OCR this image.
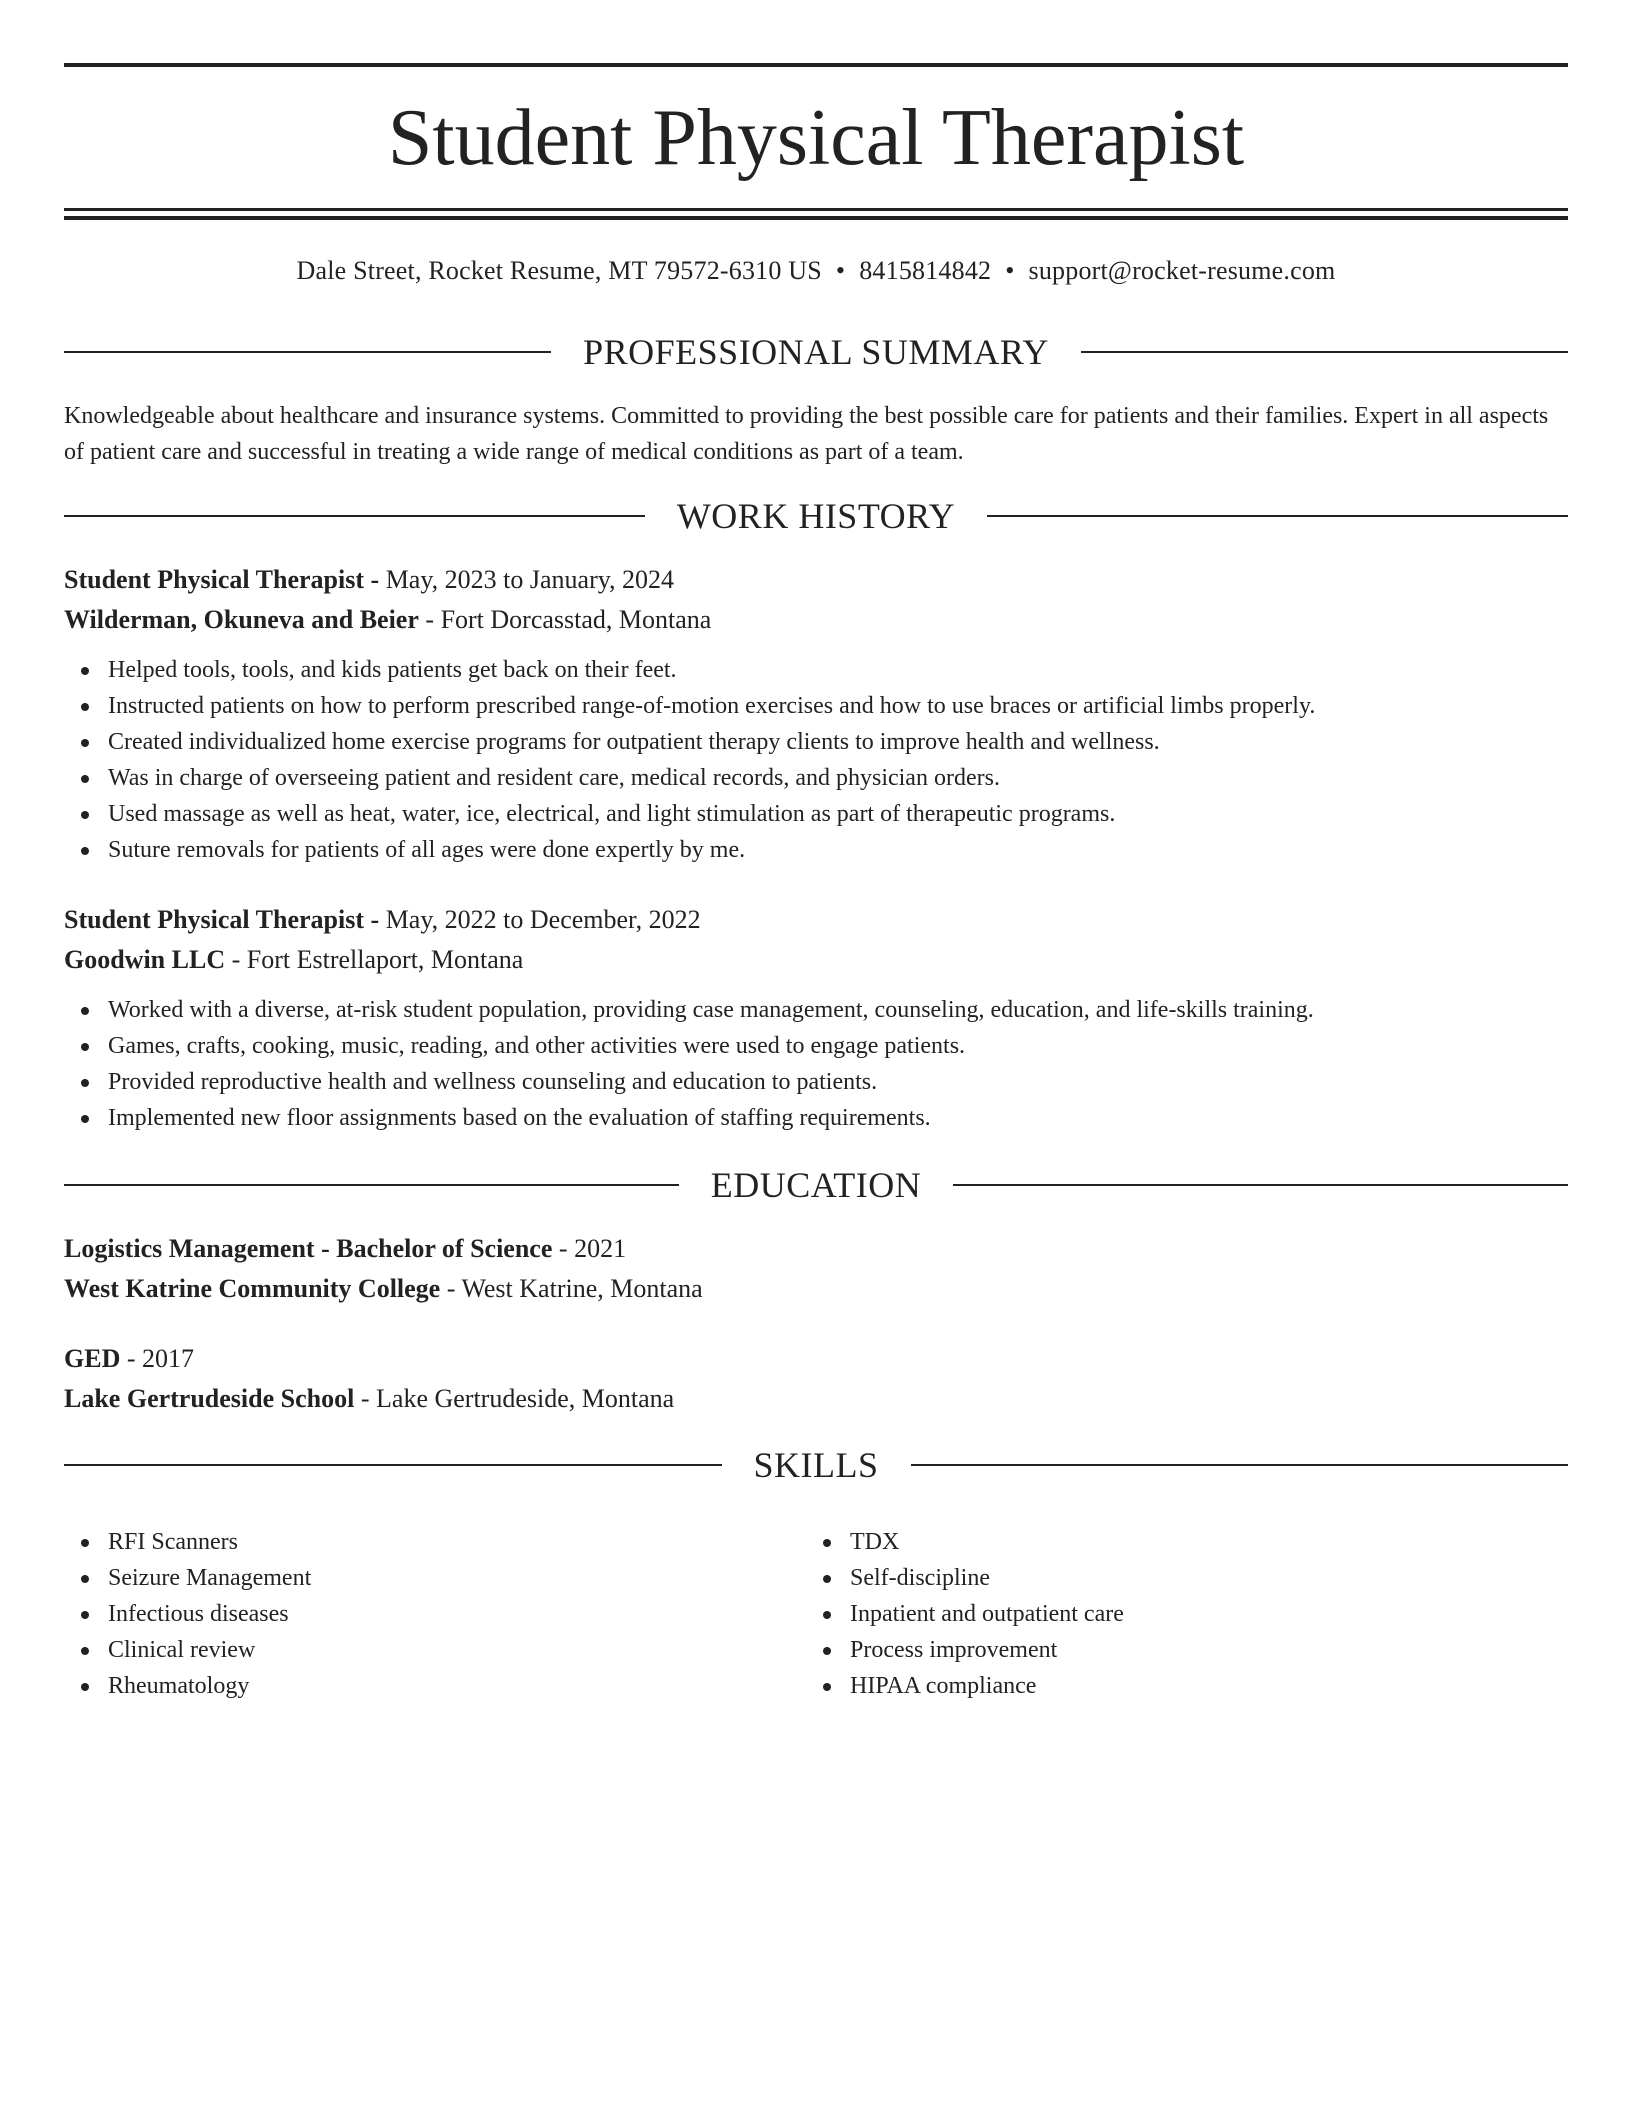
Student Physical Therapist
Dale Street, Rocket Resume, MT 79572-6310 US • 8415814842 • support@rocket-resume.com
PROFESSIONAL SUMMARY

Knowledgeable about healthcare and insurance systems. Committed to providing the best possible care for patients and their families. Expert in all aspects of patient care and successful in treating a wide range of medical conditions as part of a team.

WORK HISTORY

Student Physical Therapist - May, 2023 to January, 2024

Wilderman, Okuneva and Beier - Fort Dorcasstad, Montana

Helped tools, tools, and kids patients get back on their feet.
Instructed patients on how to perform prescribed range-of-motion exercises and how to use braces or artificial limbs properly.
Created individualized home exercise programs for outpatient therapy clients to improve health and wellness.
Was in charge of overseeing patient and resident care, medical records, and physician orders.
Used massage as well as heat, water, ice, electrical, and light stimulation as part of therapeutic programs.
Suture removals for patients of all ages were done expertly by me.

Student Physical Therapist - May, 2022 to December, 2022

Goodwin LLC - Fort Estrellaport, Montana

Worked with a diverse, at-risk student population, providing case management, counseling, education, and life-skills training.
Games, crafts, cooking, music, reading, and other activities were used to engage patients.
Provided reproductive health and wellness counseling and education to patients.
Implemented new floor assignments based on the evaluation of staffing requirements.
EDUCATION

Logistics Management - Bachelor of Science - 2021

West Katrine Community College - West Katrine, Montana

GED - 2017

Lake Gertrudeside School - Lake Gertrudeside, Montana

SKILLS
RFI Scanners
Seizure Management
Infectious diseases
Clinical review
Rheumatology
TDX
Self-discipline
Inpatient and outpatient care
Process improvement
HIPAA compliance
